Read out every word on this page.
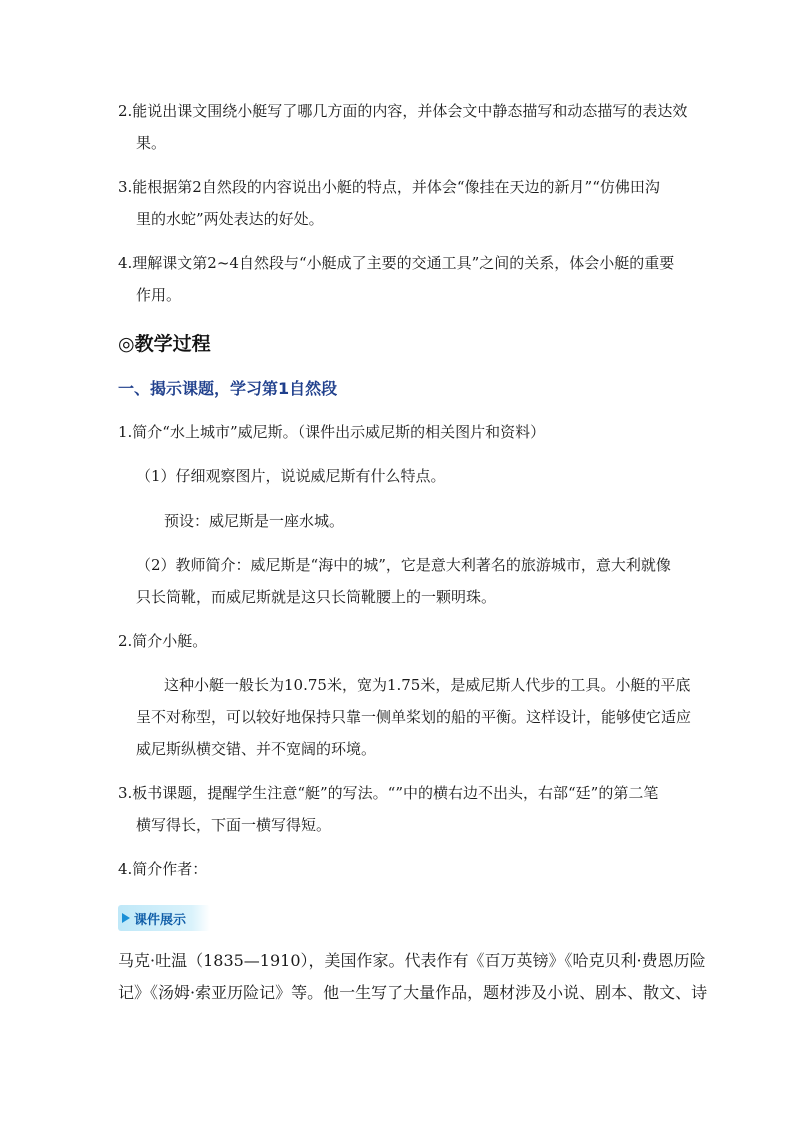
2.能说出课文围绕小艇写了哪几方面的内容，并体会文中静态描写和动态描写的表达效
果。
3.能根据第2自然段的内容说出小艇的特点，并体会“像挂在天边的新月”“仿佛田沟
里的水蛇”两处表达的好处。
4.理解课文第2~4自然段与“小艇成了主要的交通工具”之间的关系，体会小艇的重要
作用。
◎教学过程
一、揭示课题，学习第1自然段
1.简介“水上城市”威尼斯。（课件出示威尼斯的相关图片和资料）
（1）仔细观察图片，说说威尼斯有什么特点。
预设：威尼斯是一座水城。
（2）教师简介：威尼斯是“海中的城”，它是意大利著名的旅游城市，意大利就像
只长筒靴，而威尼斯就是这只长筒靴腰上的一颗明珠。
2.简介小艇。
这种小艇一般长为10.75米，宽为1.75米，是威尼斯人代步的工具。小艇的平底
呈不对称型，可以较好地保持只靠一侧单桨划的船的平衡。这样设计，能够使它适应
威尼斯纵横交错、并不宽阔的环境。
3.板书课题，提醒学生注意“艇”的写法。“”中的横右边不出头，右部“廷”的第二笔
横写得长，下面一横写得短。
4.简介作者：
课件展示
马克·吐温（1835—1910），美国作家。代表作有《百万英镑》《哈克贝利·费恩历险
记》《汤姆·索亚历险记》等。他一生写了大量作品，题材涉及小说、剧本、散文、诗
